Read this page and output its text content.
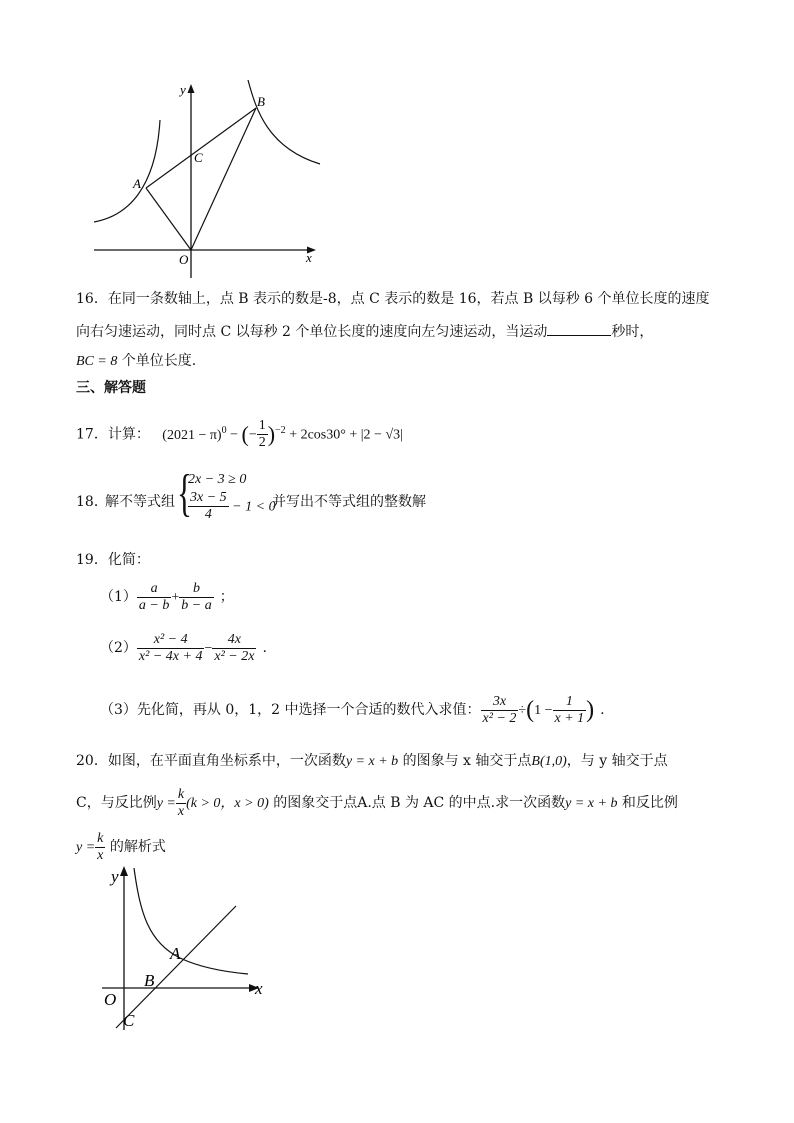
y
x
O
A
B
C
16．在同一条数轴上，点 B 表示的数是-8，点 C 表示的数是 16，若点 B 以每秒 6 个单位长度的速度
向右匀速运动，同时点 C 以每秒 2 个单位长度的速度向左匀速运动，当运动	秒时，
BC = 8 个单位长度.
三、解答题
17．计算： $(2021 - \pi)^0$ − (− $\frac{1}{2} )^{-2} + 2\cos 30^\circ + |2 - √3|$
18．
解不等式组 {
2x − 3 ≥ 0
$\frac{3x - 5}{4} - 1 < 0$
并写出不等式组的整数解
19．化简：
$(1) \frac{a}{a - b} + \frac{b}{b - a}$ ；
$(2) \frac{\text{x² − 4}}{\text{x² − 4x + 4}} - \frac{4x}{\text{x² − 2x}}$ .
（3）先化简，再从 0，1，2 中选择一个合适的数代入求值： $\frac{3x}{\text{x² − 2}} \div(1 - \frac{1}{x + 1}$ ) .
20．如图，在平面直角坐标系中，一次函数y = x + b 的图象与 x 轴交于点B(1,0)，与 y 轴交于点
C，与反比例$y = \frac{k}{x} (k > 0$，x > 0) 的图象交于点A.点 B 为 AC 的中点.求一次函数y = x + b 和反比例
$y = \frac{k}{x}$ 的解析式
y
x
O
A
B
C
